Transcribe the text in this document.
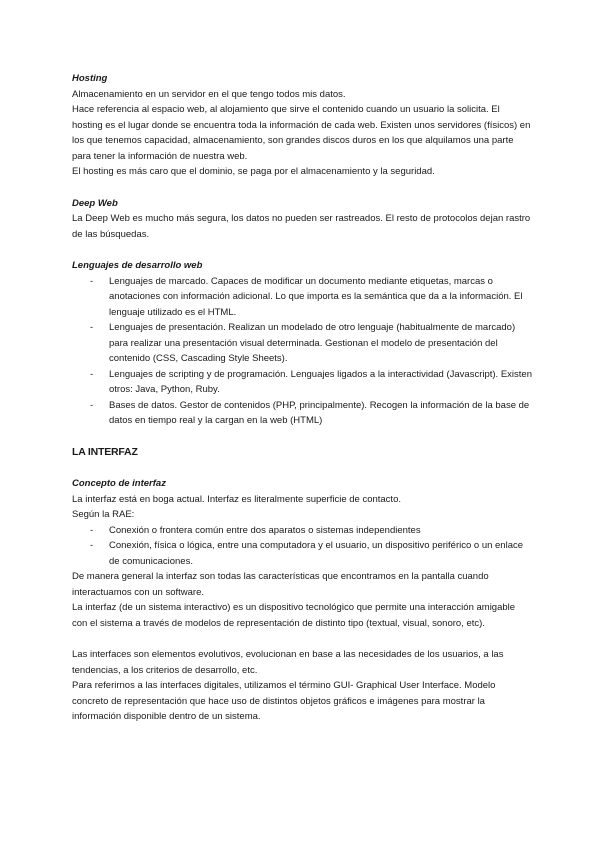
Hosting

Almacenamiento en un servidor en el que tengo todos mis datos.

Hace referencia al espacio web, al alojamiento que sirve el contenido cuando un usuario la solicita. El hosting es el lugar donde se encuentra toda la información de cada web. Existen unos servidores (físicos) en los que tenemos capacidad, almacenamiento, son grandes discos duros en los que alquilamos una parte para tener la información de nuestra web.

El hosting es más caro que el dominio, se paga por el almacenamiento y la seguridad.

Deep Web

La Deep Web es mucho más segura, los datos no pueden ser rastreados. El resto de protocolos dejan rastro de las búsquedas.

Lenguajes de desarrollo web

- Lenguajes de marcado. Capaces de modificar un documento mediante etiquetas, marcas o anotaciones con información adicional. Lo que importa es la semántica que da a la información. El lenguaje utilizado es el HTML.
- Lenguajes de presentación. Realizan un modelado de otro lenguaje (habitualmente de marcado) para realizar una presentación visual determinada. Gestionan el modelo de presentación del contenido (CSS, Cascading Style Sheets).
- Lenguajes de scripting y de programación. Lenguajes ligados a la interactividad (Javascript). Existen otros: Java, Python, Ruby.
- Bases de datos. Gestor de contenidos (PHP, principalmente). Recogen la información de la base de datos en tiempo real y la cargan en la web (HTML)

LA INTERFAZ

Concepto de interfaz

La interfaz está en boga actual. Interfaz es literalmente superficie de contacto.

Según la RAE:

- Conexión o frontera común entre dos aparatos o sistemas independientes
- Conexión, física o lógica, entre una computadora y el usuario, un dispositivo periférico o un enlace de comunicaciones.

De manera general la interfaz son todas las características que encontramos en la pantalla cuando interactuamos con un software.

La interfaz (de un sistema interactivo) es un dispositivo tecnológico que permite una interacción amigable con el sistema a través de modelos de representación de distinto tipo (textual, visual, sonoro, etc).

Las interfaces son elementos evolutivos, evolucionan en base a las necesidades de los usuarios, a las tendencias, a los criterios de desarrollo, etc.

Para referirnos a las interfaces digitales, utilizamos el término GUI- Graphical User Interface. Modelo concreto de representación que hace uso de distintos objetos gráficos e imágenes para mostrar la información disponible dentro de un sistema.
